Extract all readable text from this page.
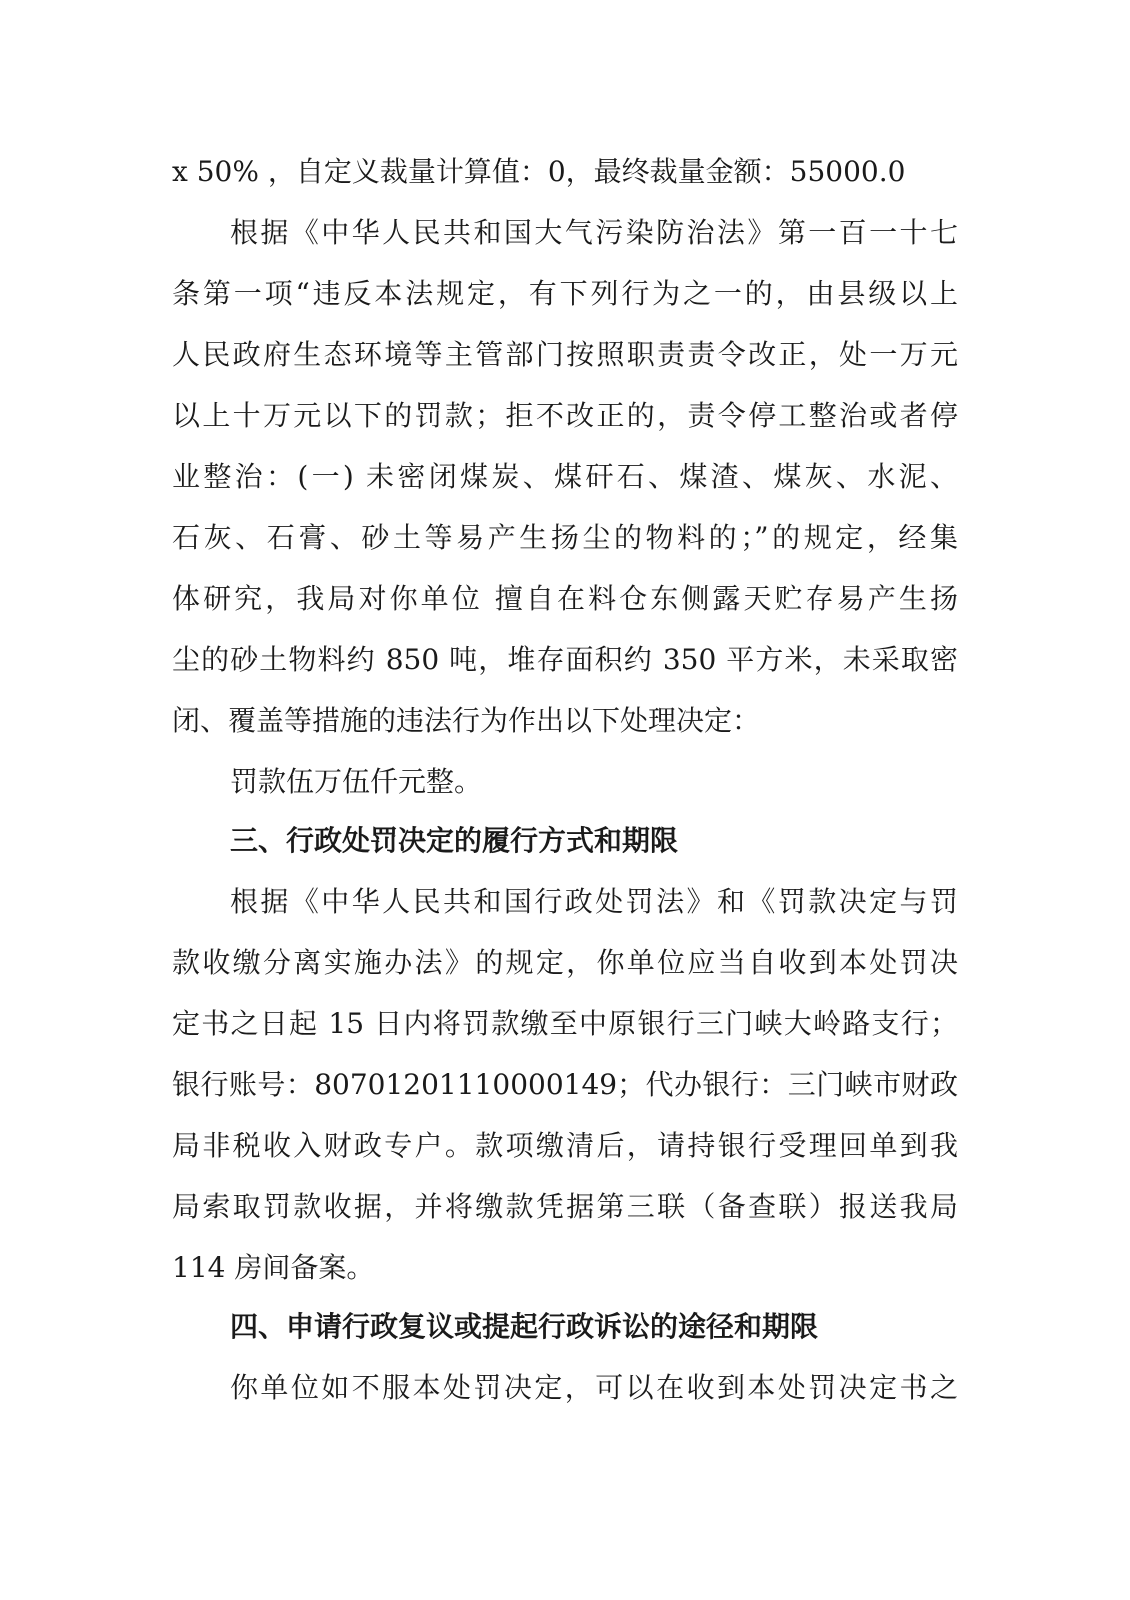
x 50% ，自定义裁量计算值：0，最终裁量金额：55000.0
根据《中华人民共和国大气污染防治法》第一百一十七
条第一项“违反本法规定，有下列行为之一的，由县级以上
人民政府生态环境等主管部门按照职责责令改正，处一万元
以上十万元以下的罚款；拒不改正的，责令停工整治或者停
业整治：(一) 未密闭煤炭、煤矸石、煤渣、煤灰、水泥、
石灰、石膏、砂土等易产生扬尘的物料的；”的规定，经集
体研究，我局对你单位 擅自在料仓东侧露天贮存易产生扬
尘的砂土物料约 850 吨，堆存面积约 350 平方米，未采取密
闭、覆盖等措施的违法行为作出以下处理决定：
罚款伍万伍仟元整。
三、行政处罚决定的履行方式和期限
根据《中华人民共和国行政处罚法》和《罚款决定与罚
款收缴分离实施办法》的规定，你单位应当自收到本处罚决
定书之日起 15 日内将罚款缴至中原银行三门峡大岭路支行；
银行账号：80701201110000149；代办银行：三门峡市财政
局非税收入财政专户。款项缴清后，请持银行受理回单到我
局索取罚款收据，并将缴款凭据第三联（备查联）报送我局
114 房间备案。
四、申请行政复议或提起行政诉讼的途径和期限
你单位如不服本处罚决定，可以在收到本处罚决定书之
